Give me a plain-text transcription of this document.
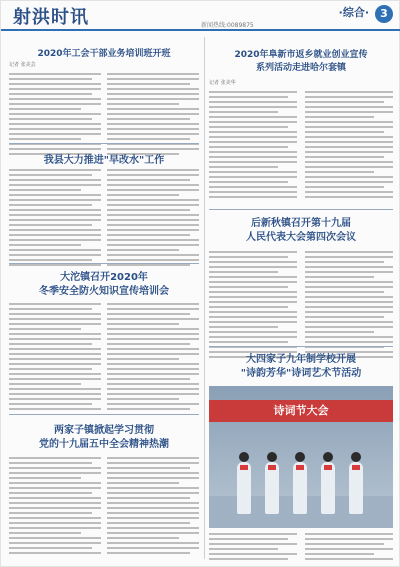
射洪时讯	新闻热线:0089875
·综合·	3
2020年工会干部业务培训班开班
记者 张美芸
我县大力推进"早改水"工作
大沱镇召开2020年
冬季安全防火知识宣传培训会
两家子镇掀起学习贯彻
党的十九届五中全会精神热潮
2020年阜新市返乡就业创业宣传
系列活动走进哈尔套镇
记者 张美华
后新秋镇召开第十九届
人民代表大会第四次会议
大四家子九年制学校开展
"诗韵芳华"诗词艺术节活动
诗词节大会
